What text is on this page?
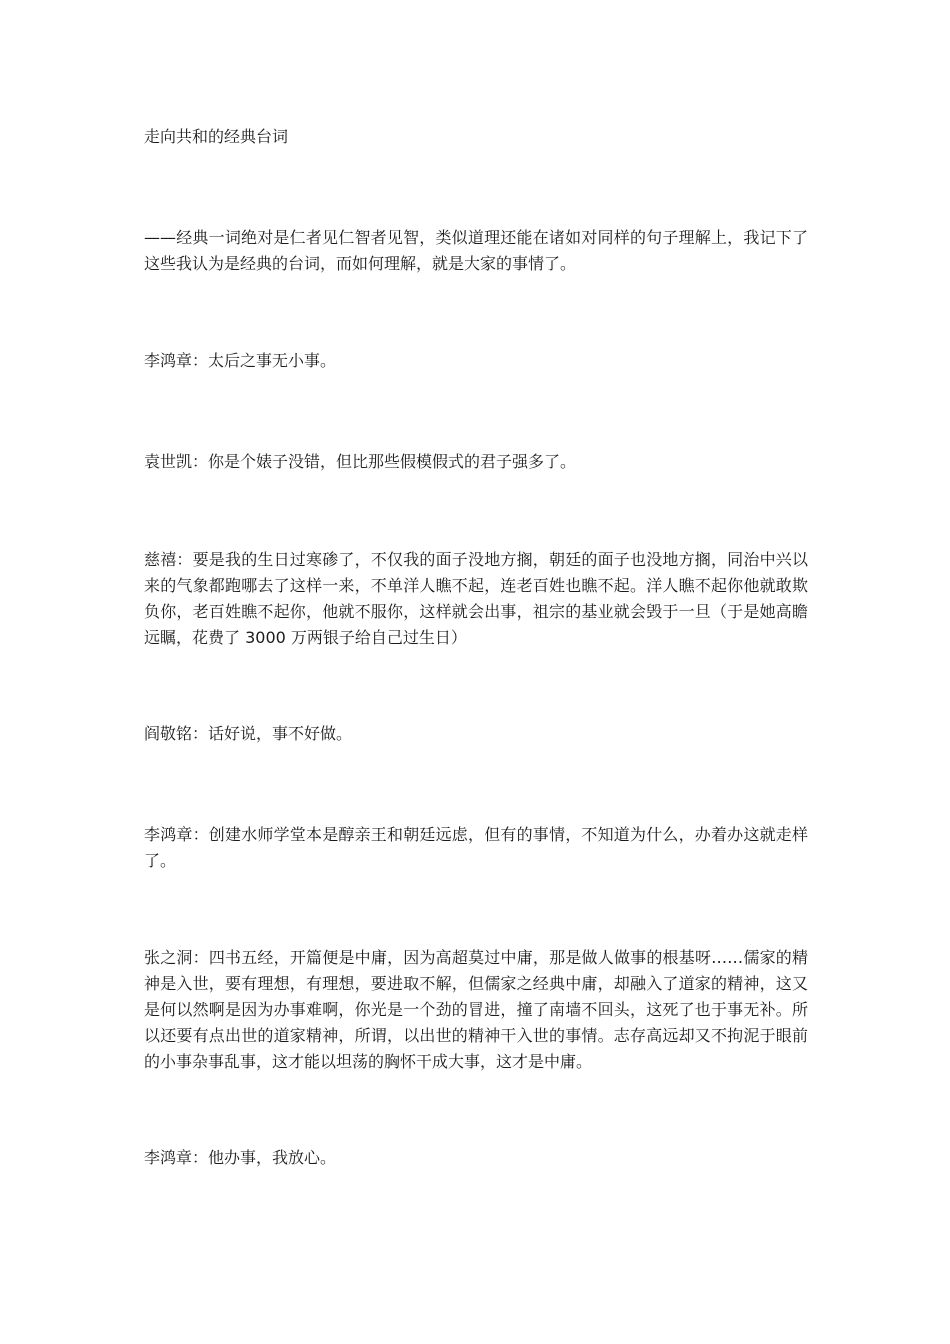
走向共和的经典台词

——经典一词绝对是仁者见仁智者见智，类似道理还能在诸如对同样的句子理解上，我记下了这些我认为是经典的台词，而如何理解，就是大家的事情了。

李鸿章：太后之事无小事。

袁世凯：你是个婊子没错，但比那些假模假式的君子强多了。

慈禧：要是我的生日过寒碜了，不仅我的面子没地方搁，朝廷的面子也没地方搁，同治中兴以来的气象都跑哪去了这样一来，不单洋人瞧不起，连老百姓也瞧不起。洋人瞧不起你他就敢欺负你，老百姓瞧不起你，他就不服你，这样就会出事，祖宗的基业就会毁于一旦（于是她高瞻远瞩，花费了 3000 万两银子给自己过生日）

阎敬铭：话好说，事不好做。

李鸿章：创建水师学堂本是醇亲王和朝廷远虑，但有的事情，不知道为什么，办着办这就走样了。

张之洞：四书五经，开篇便是中庸，因为高超莫过中庸，那是做人做事的根基呀……儒家的精神是入世，要有理想，有理想，要进取不解，但儒家之经典中庸，却融入了道家的精神，这又是何以然啊是因为办事难啊，你光是一个劲的冒进，撞了南墙不回头，这死了也于事无补。所以还要有点出世的道家精神，所谓，以出世的精神干入世的事情。志存高远却又不拘泥于眼前的小事杂事乱事，这才能以坦荡的胸怀干成大事，这才是中庸。

李鸿章：他办事，我放心。
